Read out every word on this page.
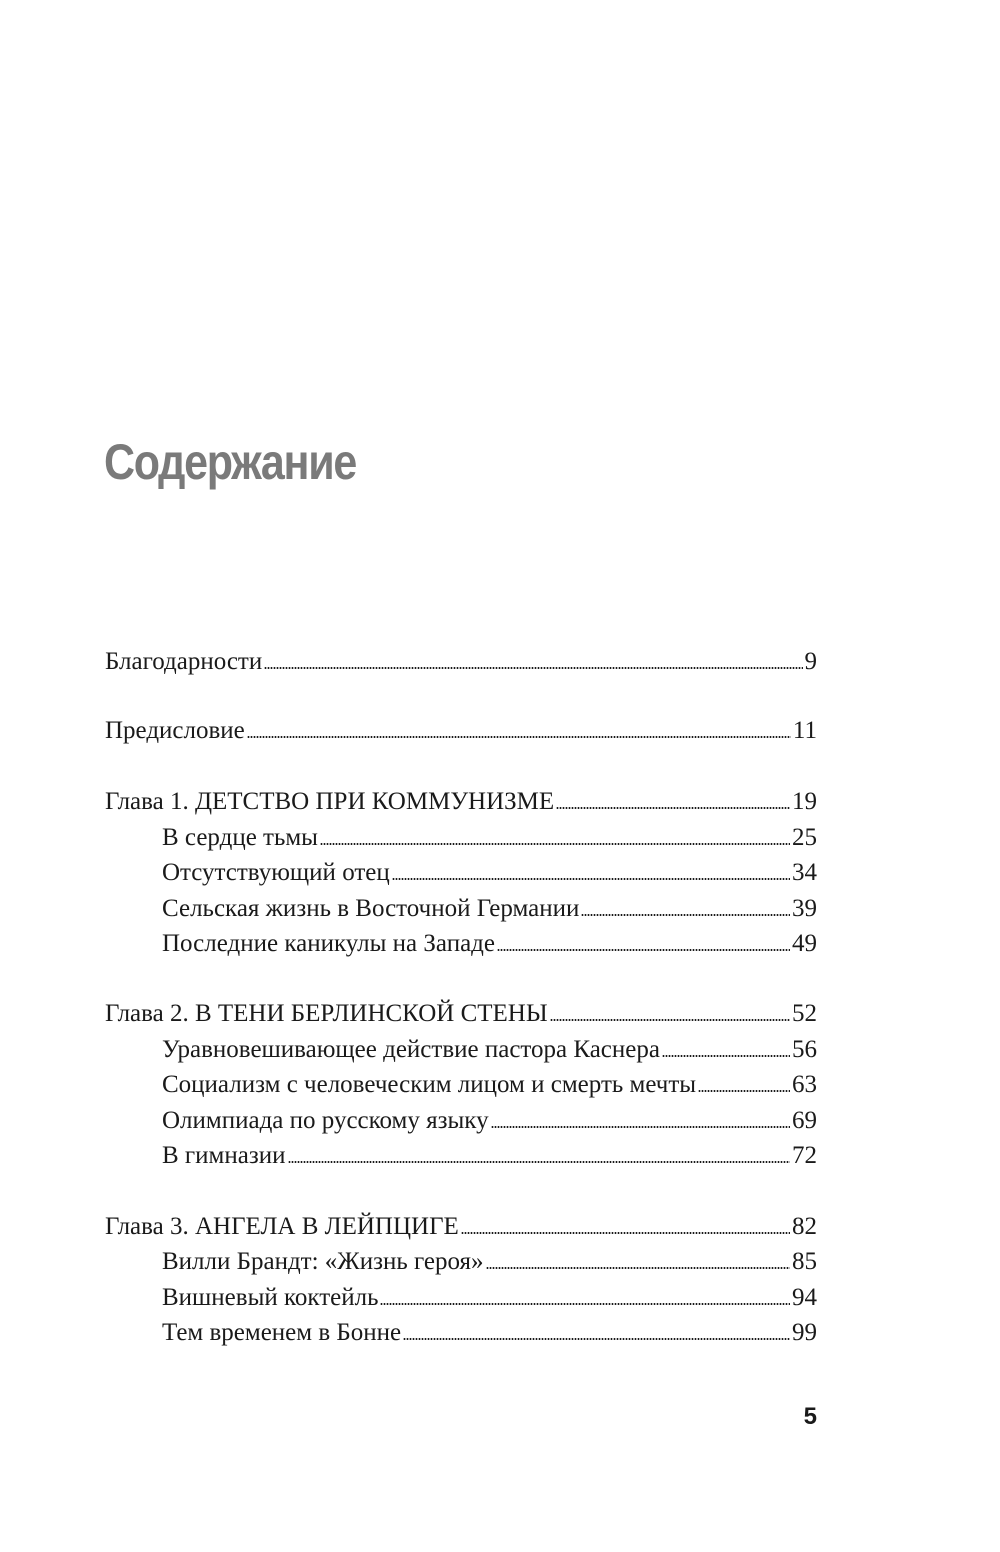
Содержание
Благодарности	9
Предисловие	11
Глава 1. ДЕТСТВО ПРИ КОММУНИЗМЕ	19
В сердце тьмы	25
Отсутствующий отец	34
Сельская жизнь в Восточной Германии	39
Последние каникулы на Западе	49
Глава 2. В ТЕНИ БЕРЛИНСКОЙ СТЕНЫ	52
Уравновешивающее действие пастора Каснера	56
Социализм с человеческим лицом и смерть мечты	63
Олимпиада по русскому языку	69
В гимназии	72
Глава 3. АНГЕЛА В ЛЕЙПЦИГЕ	82
Вилли Брандт: «Жизнь героя»	85
Вишневый коктейль	94
Тем временем в Бонне	99
5
